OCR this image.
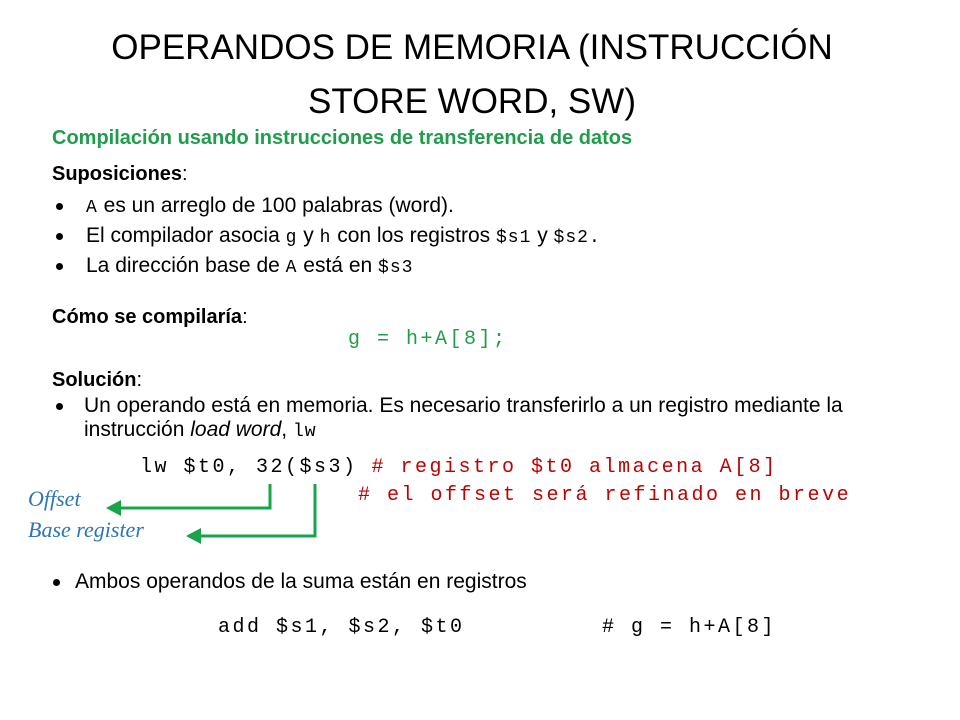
OPERANDOS DE MEMORIA (INSTRUCCIÓN
STORE WORD, SW)
Compilación usando instrucciones de transferencia de datos
Suposiciones:
A es un arreglo de 100 palabras (word).
El compilador asocia g y h con los registros $s1 y $s2.
La dirección base de A está en $s3
Cómo se compilaría:
g = h+A[8];
Solución:
Un operando está en memoria. Es necesario transferirlo a un registro mediante la
instrucción load word, lw
lw $t0, 32($s3) # registro $t0 almacena A[8]
# el offset será refinado en breve
Offset
Base register
Ambos operandos de la suma están en registros
add $s1, $s2, $t0	# g = h+A[8]
